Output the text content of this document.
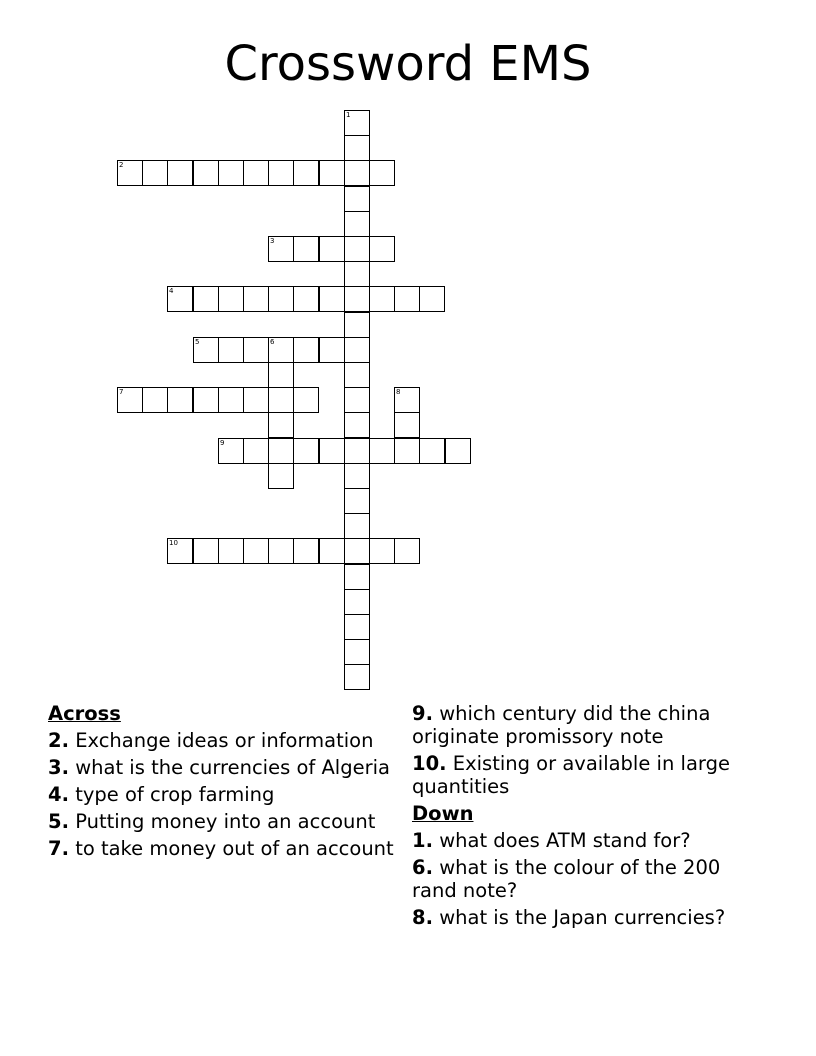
Crossword EMS
1
2
3
4
5	6
7	8
9
10
Across
2. Exchange ideas or information
3. what is the currencies of Algeria
4. type of crop farming
5. Putting money into an account
7. to take money out of an account
9. which century did the china originate promissory note
10. Existing or available in large quantities
Down
1. what does ATM stand for?
6. what is the colour of the 200 rand note?
8. what is the Japan currencies?
